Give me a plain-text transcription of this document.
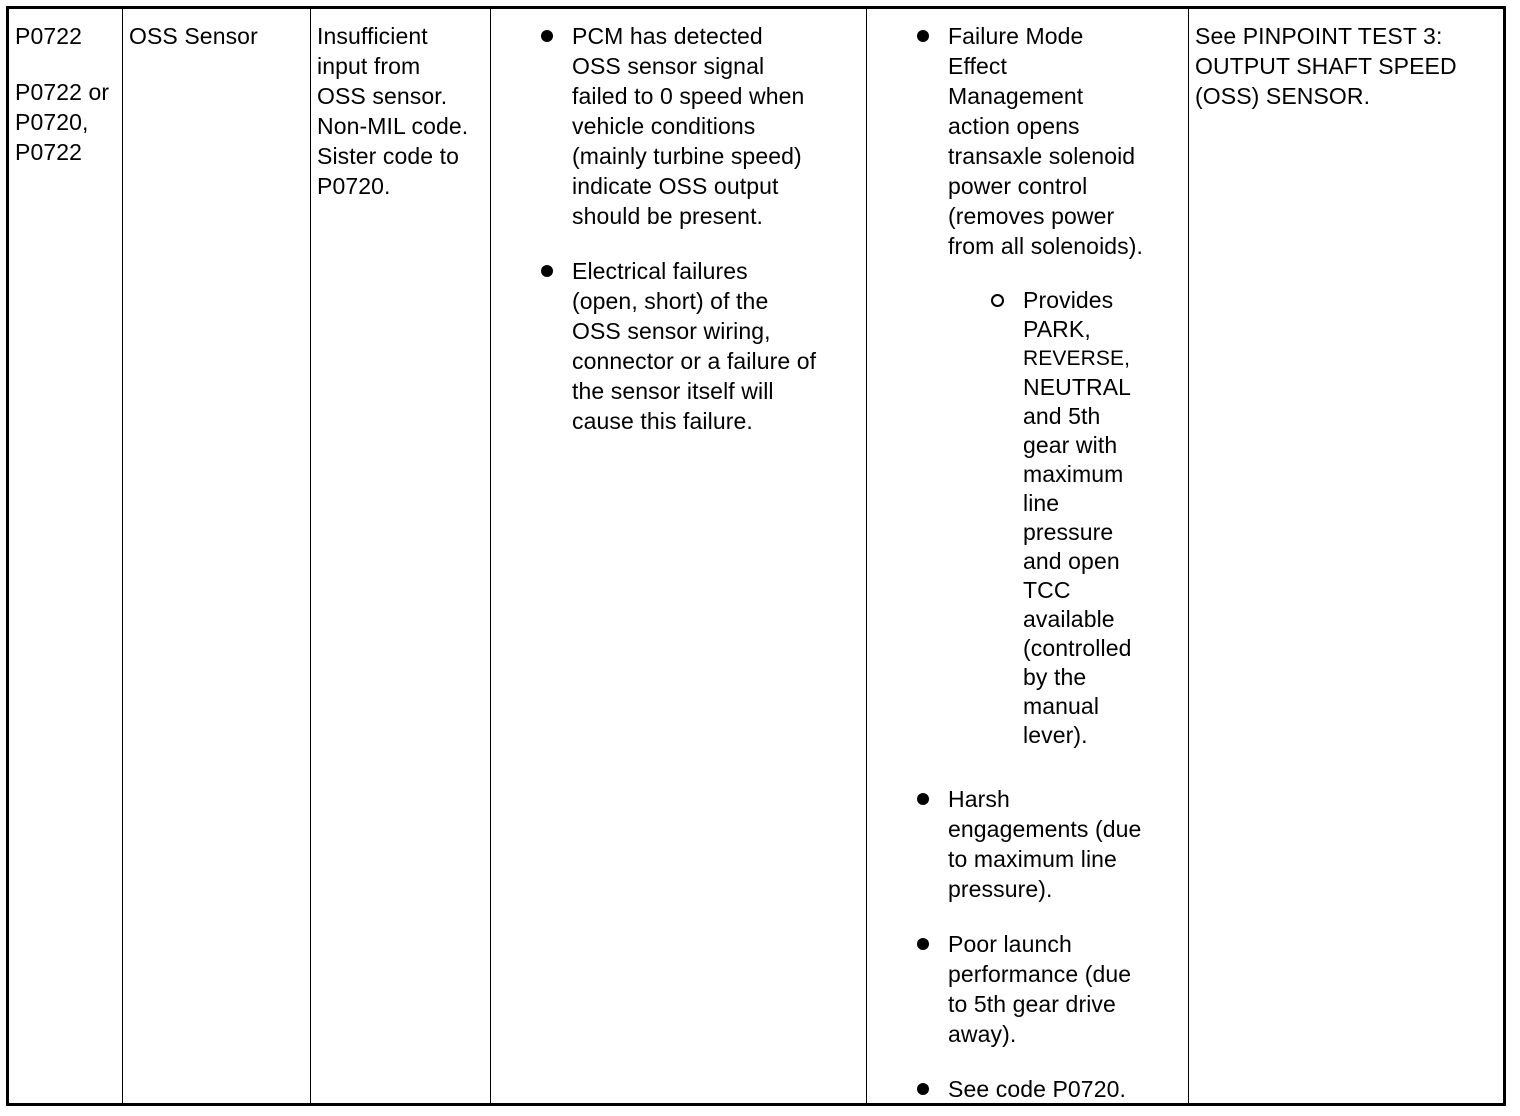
P0722

P0722 or

P0720,

P0722

OSS Sensor	Insufficient

input from

OSS sensor.

Non-MIL code.

Sister code to

P0720.

PCM has detected

OSS sensor signal

failed to 0 speed when

vehicle conditions

(mainly turbine speed)

indicate OSS output

should be present.

Electrical failures

(open, short) of the

OSS sensor wiring,

connector or a failure of

the sensor itself will

cause this failure.

Failure Mode

Effect

Management

action opens

transaxle solenoid

power control

(removes power

from all solenoids).

Provides

PARK,

REVERSE,

NEUTRAL

and 5th

gear with

maximum

line

pressure

and open

TCC

available

(controlled

by the

manual

lever).

Harsh

engagements (due

to maximum line

pressure).

Poor launch

performance (due

to 5th gear drive

away).

See code P0720.

See PINPOINT TEST 3:

OUTPUT SHAFT SPEED

(OSS) SENSOR.
